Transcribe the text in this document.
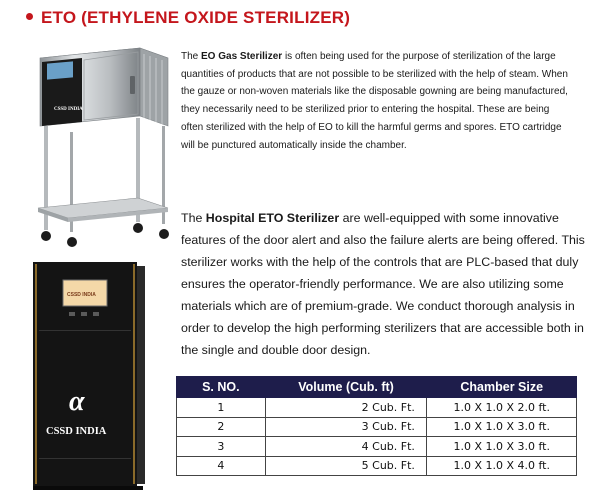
ETO (ETHYLENE OXIDE STERILIZER)
CSSD INDIA
CSSD INDIA
α
CSSD INDIA
The EO Gas Sterilizer is often being used for the purpose of sterilization of the large quantities of products that are not possible to be sterilized with the help of steam. When the gauze or non-woven materials like the disposable gowning are being manufactured, they necessarily need to be sterilized prior to entering the hospital. These are being often sterilized with the help of EO to kill the harmful germs and spores. ETO cartridge will be punctured automatically inside the chamber.
The Hospital ETO Sterilizer are well-equipped with some innovative features of the door alert and also the failure alerts are being offered. This sterilizer works with the help of the controls that are PLC-based that duly ensures the operator-friendly performance. We are also utilizing some materials which are of premium-grade. We conduct thorough analysis in order to develop the high performing sterilizers that are accessible both in the single and double door design.
S. NO.	Volume (Cub. ft)	Chamber Size
1	2 Cub. Ft.	1.0 X 1.0 X 2.0 ft.
2	3 Cub. Ft.	1.0 X 1.0 X 3.0 ft.
3	4 Cub. Ft.	1.0 X 1.0 X 3.0 ft.
4	5 Cub. Ft.	1.0 X 1.0 X 4.0 ft.
